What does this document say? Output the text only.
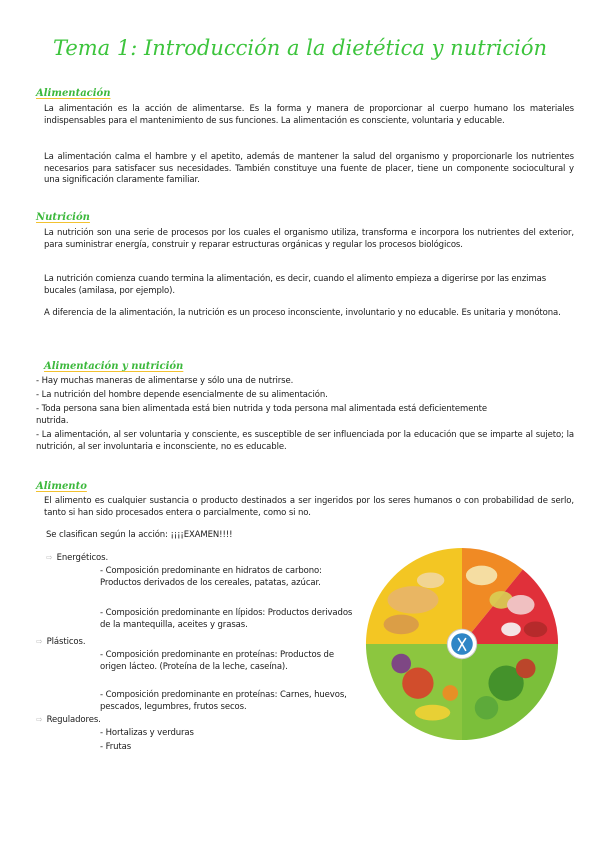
Tema 1: Introducción a la dietética y nutrición
Alimentación
La alimentación es la acción de alimentarse. Es la forma y manera de proporcionar al cuerpo humano los materiales indispensables para el mantenimiento de sus funciones. La alimentación es consciente, voluntaria y educable.
La alimentación calma el hambre y el apetito, además de mantener la salud del organismo y proporcionarle los nutrientes necesarios para satisfacer sus necesidades. También constituye una fuente de placer, tiene un componente sociocultural y una significación claramente familiar.
Nutrición
La nutrición son una serie de procesos por los cuales el organismo utiliza, transforma e incorpora los nutrientes del exterior, para suministrar energía, construir y reparar estructuras orgánicas y regular los procesos biológicos.
La nutrición comienza cuando termina la alimentación, es decir, cuando el alimento empieza a digerirse por las enzimas bucales (amilasa, por ejemplo).
A diferencia de la alimentación, la nutrición es un proceso inconsciente, involuntario y no educable. Es unitaria y monótona.
Alimentación y nutrición
- Hay muchas maneras de alimentarse y sólo una de nutrirse.
- La nutrición del hombre depende esencialmente de su alimentación.
- Toda persona sana bien alimentada está bien nutrida y toda persona mal alimentada está deficientemente nutrida.
- La alimentación, al ser voluntaria y consciente, es susceptible de ser influenciada por la educación que se imparte al sujeto; la nutrición, al ser involuntaria e inconsciente, no es educable.
Alimento
El alimento es cualquier sustancia o producto destinados a ser ingeridos por los seres humanos o con probabilidad de serlo, tanto si han sido procesados entera o parcialmente, como si no.
Se clasifican según la acción: ¡¡¡¡EXAMEN!!!!
⇨ Energéticos.
- Composición predominante en hidratos de carbono: Productos derivados de los cereales, patatas, azúcar.
- Composición predominante en lípidos: Productos derivados de la mantequilla, aceites y grasas.
⇨ Plásticos.
- Composición predominante en proteínas: Productos de origen lácteo. (Proteína de la leche, caseína).
- Composición predominante en proteínas: Carnes, huevos, pescados, legumbres, frutos secos.
⇨ Reguladores.
- Hortalizas y verduras
- Frutas
